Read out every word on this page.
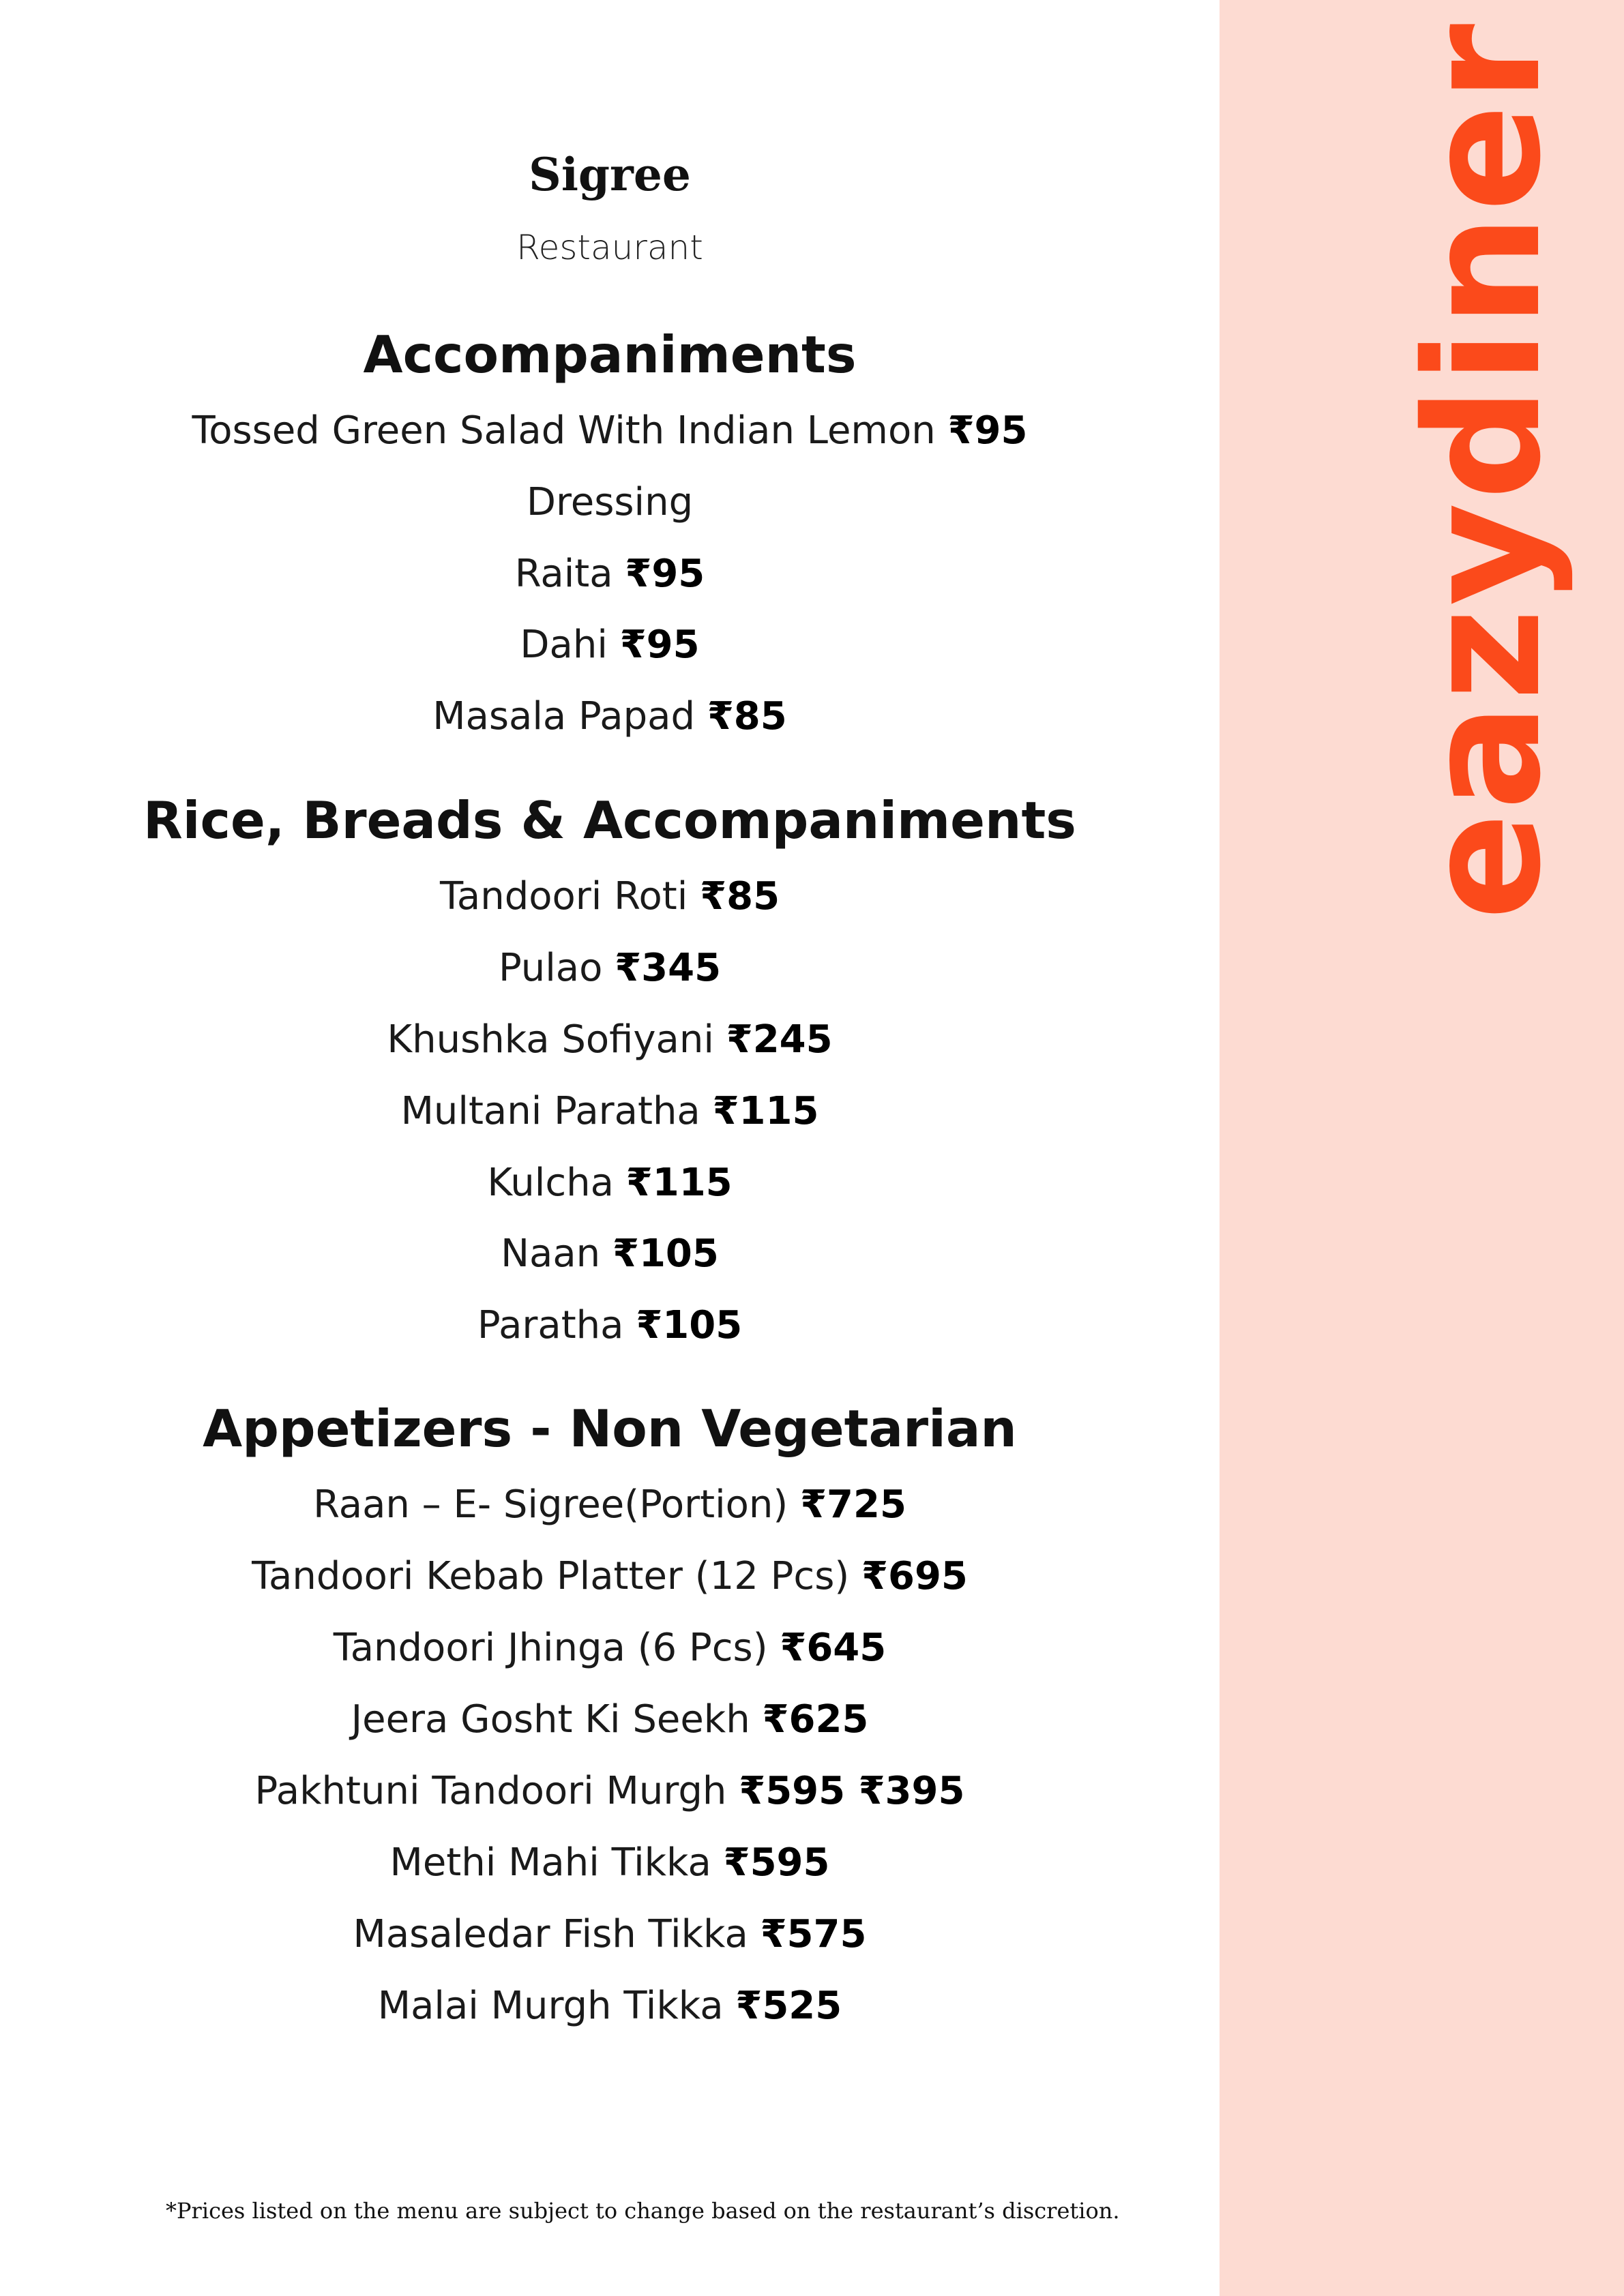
Sigree
Restaurant
Accompaniments
Tossed Green Salad With Indian Lemon ₹95
Dressing
Raita ₹95
Dahi ₹95
Masala Papad ₹85
Rice, Breads & Accompaniments
Tandoori Roti ₹85
Pulao ₹345
Khushka Sofiyani ₹245
Multani Paratha ₹115
Kulcha ₹115
Naan ₹105
Paratha ₹105
Appetizers - Non Vegetarian
Raan – E- Sigree(Portion) ₹725
Tandoori Kebab Platter (12 Pcs) ₹695
Tandoori Jhinga (6 Pcs) ₹645
Jeera Gosht Ki Seekh ₹625
Pakhtuni Tandoori Murgh ₹595 ₹395
Methi Mahi Tikka ₹595
Masaledar Fish Tikka ₹575
Malai Murgh Tikka ₹525
*Prices listed on the menu are subject to change based on the restaurant’s discretion.
eazydiner
